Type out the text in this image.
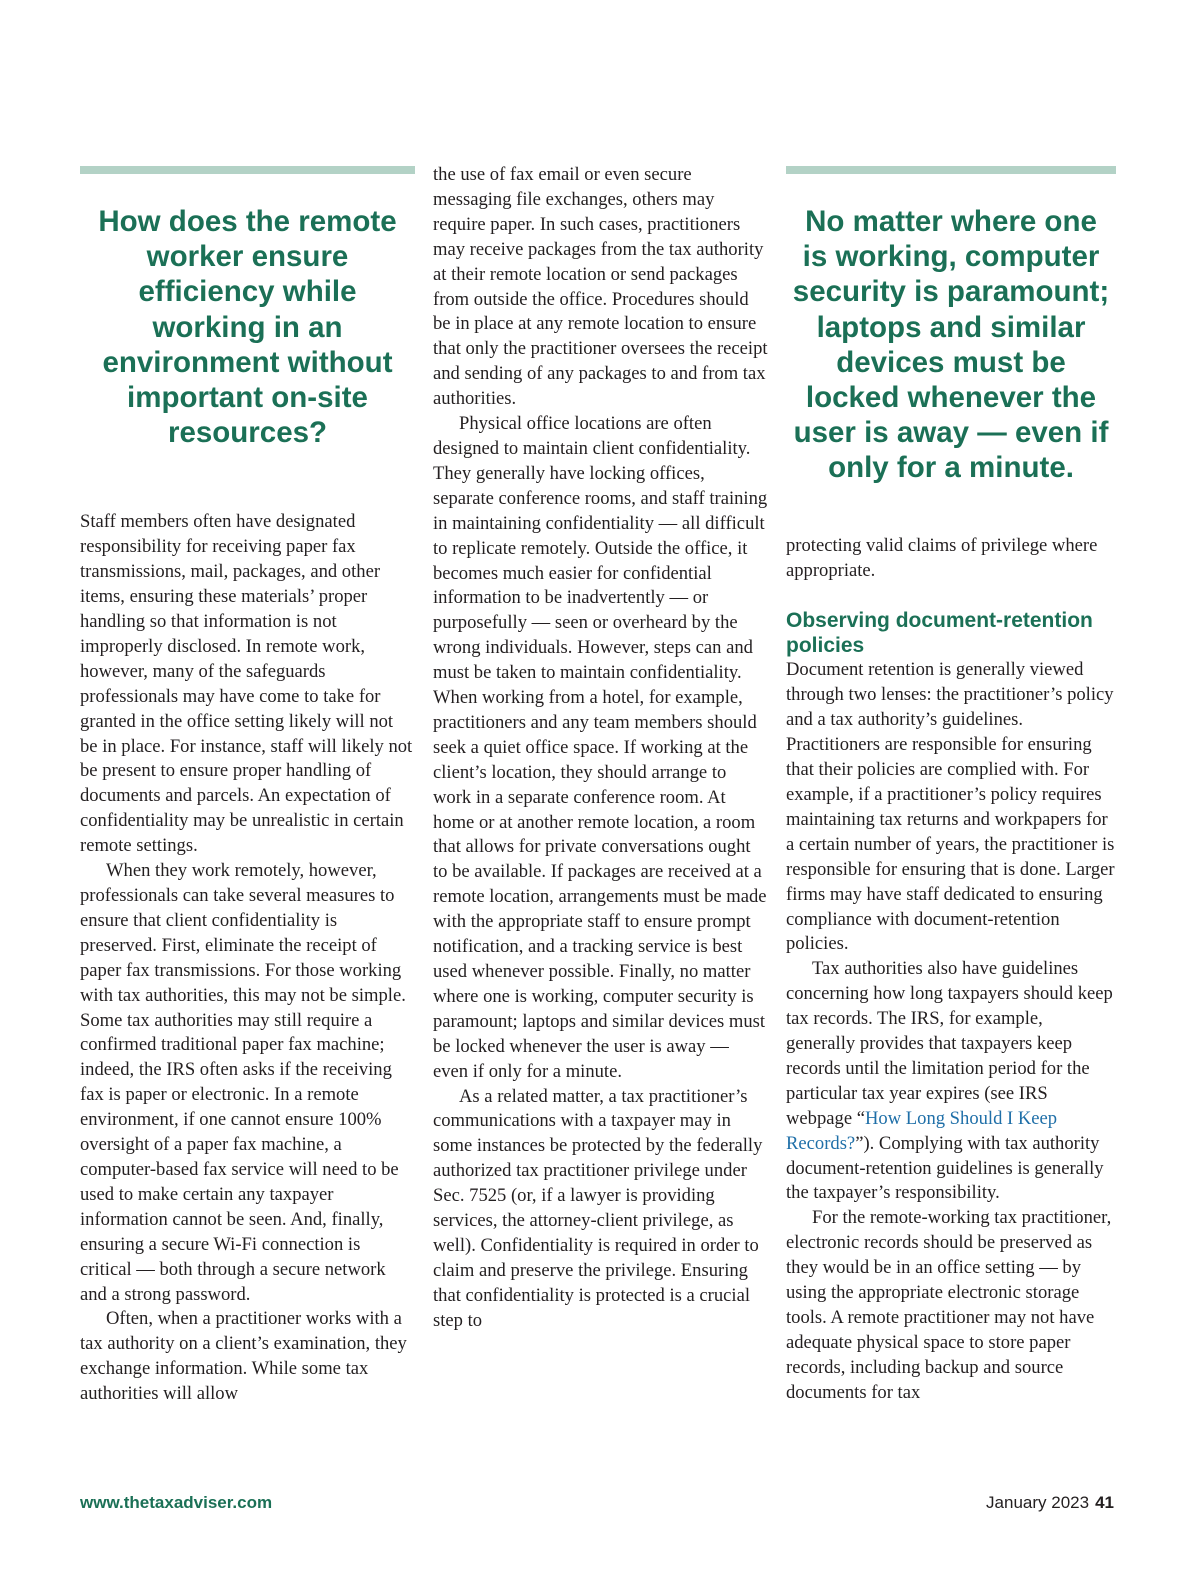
How does the remote worker ensure efficiency while working in an environment without important on-site resources?

Staff members often have designated responsibility for receiving paper fax transmissions, mail, packages, and other items, ensuring these materials’ proper handling so that information is not improperly disclosed. In remote work, however, many of the safeguards professionals may have come to take for granted in the office setting likely will not be in place. For instance, staff will likely not be present to ensure proper handling of documents and parcels. An expectation of confidentiality may be unrealistic in certain remote settings.

When they work remotely, however, professionals can take several measures to ensure that client confidentiality is preserved. First, eliminate the receipt of paper fax transmissions. For those working with tax authorities, this may not be simple. Some tax authorities may still require a confirmed traditional paper fax machine; indeed, the IRS often asks if the receiving fax is paper or electronic. In a remote environment, if one cannot ensure 100% oversight of a paper fax machine, a computer-based fax service will need to be used to make certain any taxpayer information cannot be seen. And, finally, ensuring a secure Wi-Fi connection is critical — both through a secure network and a strong password.

Often, when a practitioner works with a tax authority on a client’s examination, they exchange information. While some tax authorities will allow

the use of fax email or even secure messaging file exchanges, others may require paper. In such cases, practitioners may receive packages from the tax authority at their remote location or send packages from outside the office. Procedures should be in place at any remote location to ensure that only the practitioner oversees the receipt and sending of any packages to and from tax authorities.

Physical office locations are often designed to maintain client confidentiality. They generally have locking offices, separate conference rooms, and staff training in maintaining confidentiality — all difficult to replicate remotely. Outside the office, it becomes much easier for confidential information to be inadvertently — or purposefully — seen or overheard by the wrong individuals. However, steps can and must be taken to maintain confidentiality. When working from a hotel, for example, practitioners and any team members should seek a quiet office space. If working at the client’s location, they should arrange to work in a separate conference room. At home or at another remote location, a room that allows for private conversations ought to be available. If packages are received at a remote location, arrangements must be made with the appropriate staff to ensure prompt notification, and a tracking service is best used whenever possible. Finally, no matter where one is working, computer security is paramount; laptops and similar devices must be locked whenever the user is away — even if only for a minute.

As a related matter, a tax practitioner’s communications with a taxpayer may in some instances be protected by the federally authorized tax practitioner privilege under Sec. 7525 (or, if a lawyer is providing services, the attorney-client privilege, as well). Confidentiality is required in order to claim and preserve the privilege. Ensuring that confidentiality is protected is a crucial step to

No matter where one is working, computer security is paramount; laptops and similar devices must be locked whenever the user is away — even if only for a minute.

protecting valid claims of privilege where appropriate.

Observing document-retention policies

Document retention is generally viewed through two lenses: the practitioner’s policy and a tax authority’s guidelines. Practitioners are responsible for ensuring that their policies are complied with. For example, if a practitioner’s policy requires maintaining tax returns and workpapers for a certain number of years, the practitioner is responsible for ensuring that is done. Larger firms may have staff dedicated to ensuring compliance with document-retention policies.

Tax authorities also have guidelines concerning how long taxpayers should keep tax records. The IRS, for example, generally provides that taxpayers keep records until the limitation period for the particular tax year expires (see IRS webpage “How Long Should I Keep Records?”). Complying with tax authority document-retention guidelines is generally the taxpayer’s responsibility.

For the remote-working tax practitioner, electronic records should be preserved as they would be in an office setting — by using the appropriate electronic storage tools. A remote practitioner may not have adequate physical space to store paper records, including backup and source documents for tax

www.thetaxadviser.com	January 2023 41
